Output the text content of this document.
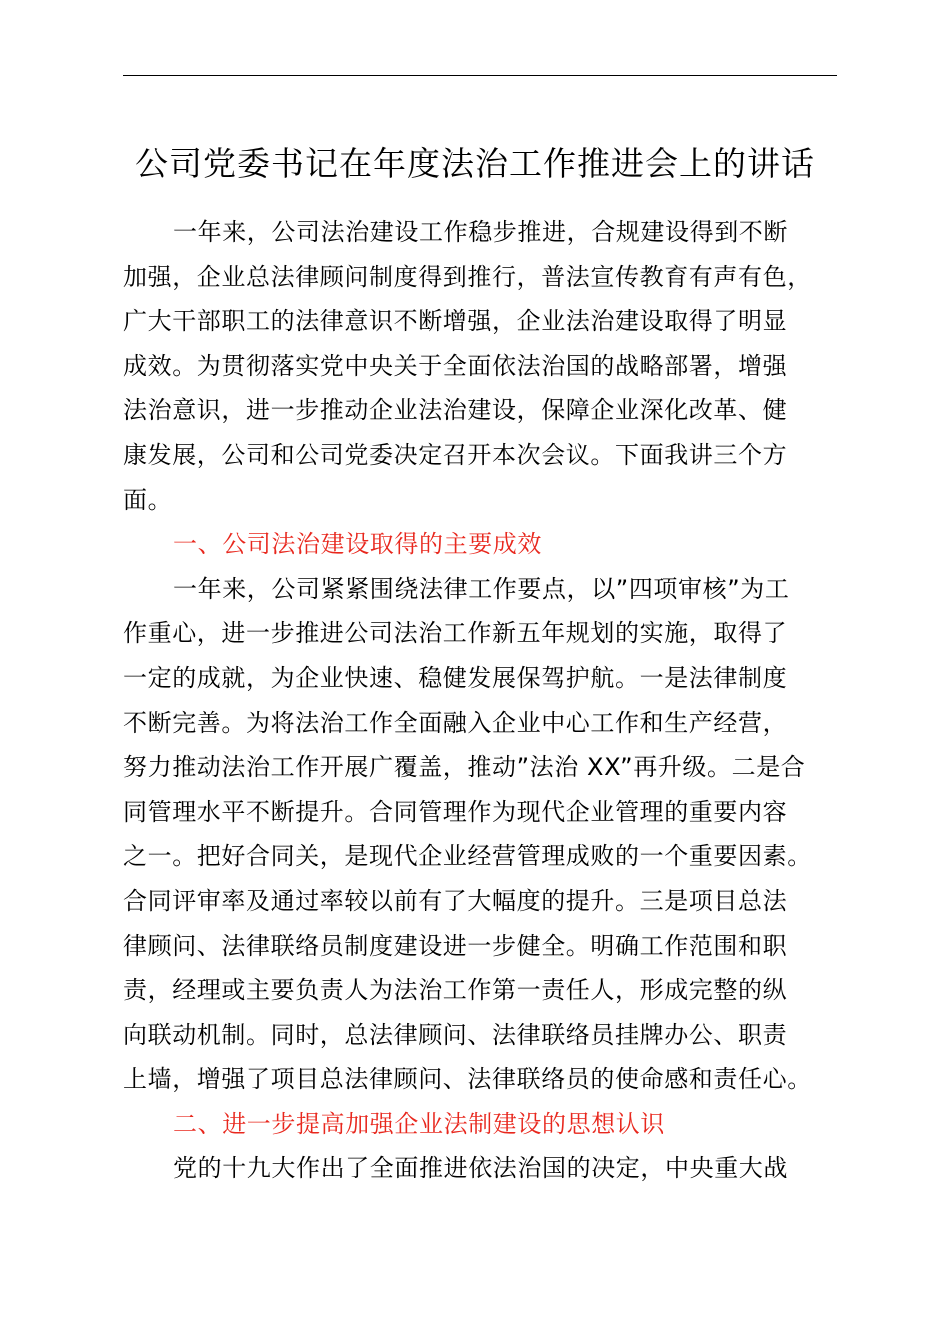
公司党委书记在年度法治工作推进会上的讲话

一年来，公司法治建设工作稳步推进，合规建设得到不断
加强，企业总法律顾问制度得到推行，普法宣传教育有声有色，
广大干部职工的法律意识不断增强，企业法治建设取得了明显
成效。为贯彻落实党中央关于全面依法治国的战略部署，增强
法治意识，进一步推动企业法治建设，保障企业深化改革、健
康发展，公司和公司党委决定召开本次会议。下面我讲三个方
面。

一、公司法治建设取得的主要成效

一年来，公司紧紧围绕法律工作要点，以”四项审核”为工
作重心，进一步推进公司法治工作新五年规划的实施，取得了
一定的成就，为企业快速、稳健发展保驾护航。一是法律制度
不断完善。为将法治工作全面融入企业中心工作和生产经营，
努力推动法治工作开展广覆盖，推动”法治 XX”再升级。二是合
同管理水平不断提升。合同管理作为现代企业管理的重要内容
之一。把好合同关，是现代企业经营管理成败的一个重要因素。
合同评审率及通过率较以前有了大幅度的提升。三是项目总法
律顾问、法律联络员制度建设进一步健全。明确工作范围和职
责，经理或主要负责人为法治工作第一责任人，形成完整的纵
向联动机制。同时，总法律顾问、法律联络员挂牌办公、职责
上墙，增强了项目总法律顾问、法律联络员的使命感和责任心。

二、进一步提高加强企业法制建设的思想认识

党的十九大作出了全面推进依法治国的决定，中央重大战
